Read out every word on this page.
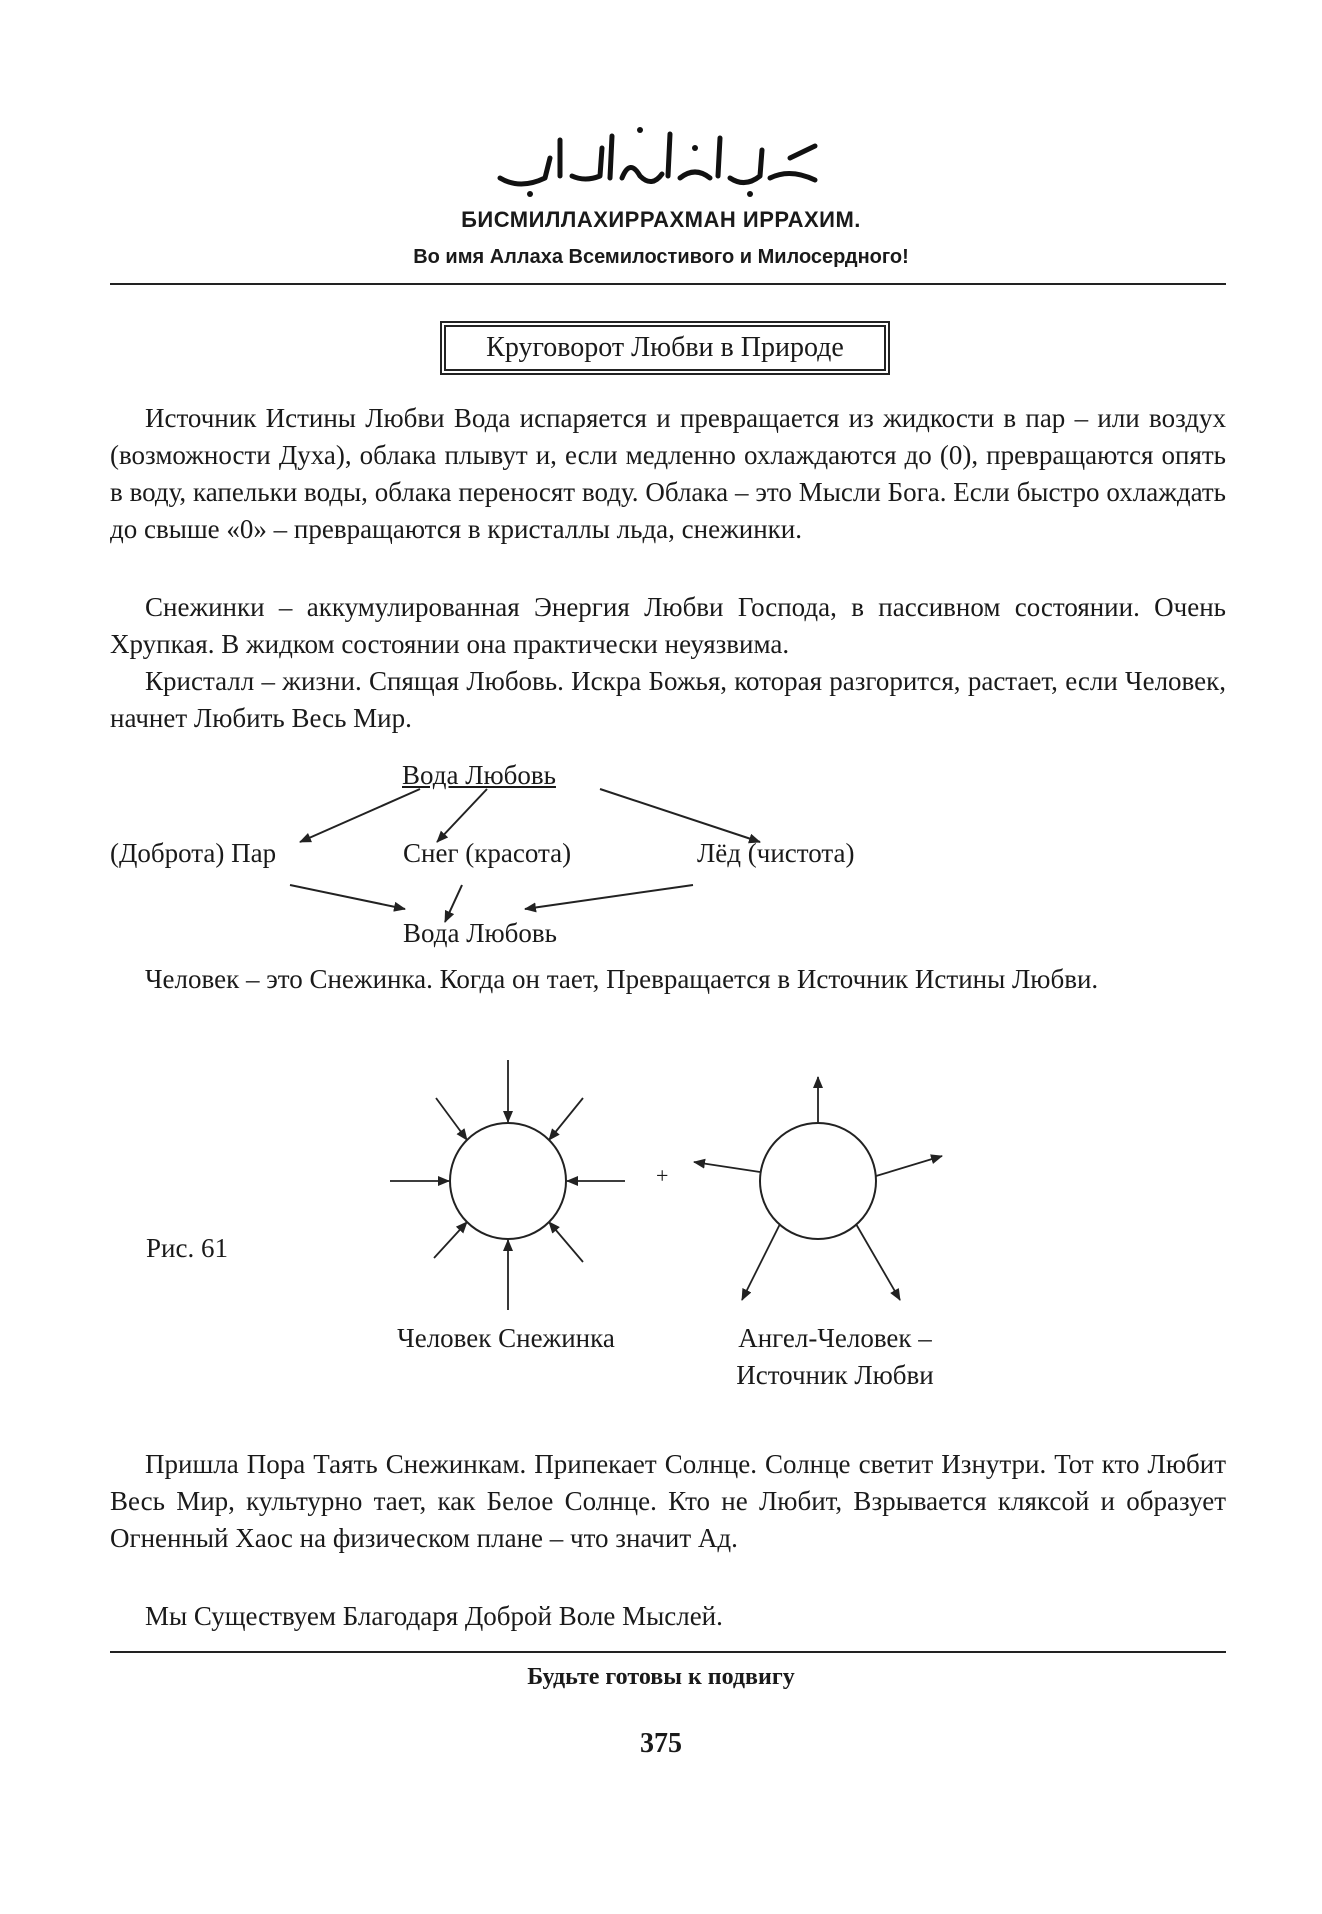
БИСМИЛЛАХИРРАХМАН ИРРАХИМ.
Во имя Аллаха Всемилостивого и Милосердного!
Круговорот Любви в Природе

Источник Истины Любви Вода испаряется и превращается из жидкости в пар – или воздух (возможности Духа), облака плывут и, если медленно охлаждаются до (0), превращаются опять в воду, капельки воды, облака переносят воду. Облака – это Мысли Бога. Если быстро охлаждать до свыше «0» – превращаются в кристаллы льда, снежинки.

Снежинки – аккумулированная Энергия Любви Господа, в пассивном состоянии. Очень Хрупкая. В жидком состоянии она практически неуязвима.

Кристалл – жизни. Спящая Любовь. Искра Божья, которая разгорится, растает, если Человек, начнет Любить Весь Мир.

Вода Любовь
(Доброта) Пар	Снег (красота)	Лёд (чистота)
Вода Любовь

Человек – это Снежинка. Когда он тает, Превращается в Источник Истины Любви.

+
Рис. 61
Человек Снежинка	Ангел-Человек –
Источник Любви

Пришла Пора Таять Снежинкам. Припекает Солнце. Солнце светит Изнутри. Тот кто Любит Весь Мир, культурно тает, как Белое Солнце. Кто не Любит, Взрывается кляксой и образует Огненный Хаос на физическом плане – что значит Ад.

Мы Существуем Благодаря Доброй Воле Мыслей.

Будьте готовы к подвигу
375
